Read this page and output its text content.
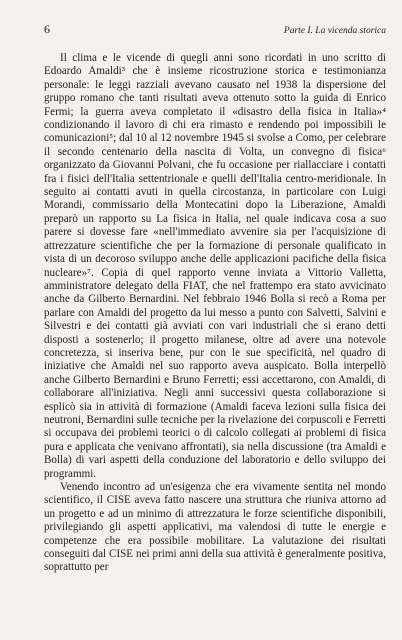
6	Parte I. La vicenda storica

Il clima e le vicende di quegli anni sono ricordati in uno scritto di Edoardo Amaldi³ che è insieme ricostruzione storica e testimonianza personale: le leggi razziali avevano causato nel 1938 la dispersione del gruppo romano che tanti risultati aveva ottenuto sotto la guida di Enrico Fermi; la guerra aveva completato il «disastro della fisica in Italia»⁴ condizionando il lavoro di chi era rimasto e rendendo poi impossibili le comunicazioni⁵; dal 10 al 12 novembre 1945 si svolse a Como, per celebrare il secondo centenario della nascita di Volta, un convegno di fisica⁶ organizzato da Giovanni Polvani, che fu occasione per riallacciare i contatti fra i fisici dell'Italia settentrionale e quelli dell'Italia centro-meridionale. In seguito ai contatti avuti in quella circostanza, in particolare con Luigi Morandi, commissario della Montecatini dopo la Liberazione, Amaldi preparò un rapporto su La fisica in Italia, nel quale indicava cosa a suo parere si dovesse fare «nell'immediato avvenire sia per l'acquisizione di attrezzature scientifiche che per la formazione di personale qualificato in vista di un decoroso sviluppo anche delle applicazioni pacifiche della fisica nucleare»⁷. Copia di quel rapporto venne inviata a Vittorio Valletta, amministratore delegato della FIAT, che nel frattempo era stato avvicinato anche da Gilberto Bernardini. Nel febbraio 1946 Bolla si recò a Roma per parlare con Amaldi del progetto da lui messo a punto con Salvetti, Salvini e Silvestri e dei contatti già avviati con vari industriali che si erano detti disposti a sostenerlo; il progetto milanese, oltre ad avere una notevole concretezza, si inseriva bene, pur con le sue specificità, nel quadro di iniziative che Amaldi nel suo rapporto aveva auspicato. Bolla interpellò anche Gilberto Bernardini e Bruno Ferretti; essi accettarono, con Amaldi, di collaborare all'iniziativa. Negli anni successivi questa collaborazione si esplicò sia in attività di formazione (Amaldi faceva lezioni sulla fisica dei neutroni, Bernardini sulle tecniche per la rivelazione dei corpuscoli e Ferretti si occupava dei problemi teorici o di calcolo collegati ai problemi di fisica pura e applicata che venivano affrontati), sia nella discussione (tra Amaldi e Bolla) di vari aspetti della conduzione del laboratorio e dello sviluppo dei programmi.

Venendo incontro ad un'esigenza che era vivamente sentita nel mondo scientifico, il CISE aveva fatto nascere una struttura che riuniva attorno ad un progetto e ad un minimo di attrezzatura le forze scientifiche disponibili, privilegiando gli aspetti applicativi, ma valendosi di tutte le energie e competenze che era possibile mobilitare. La valutazione dei risultati conseguiti dal CISE nei primi anni della sua attività è generalmente positiva, soprattutto per
